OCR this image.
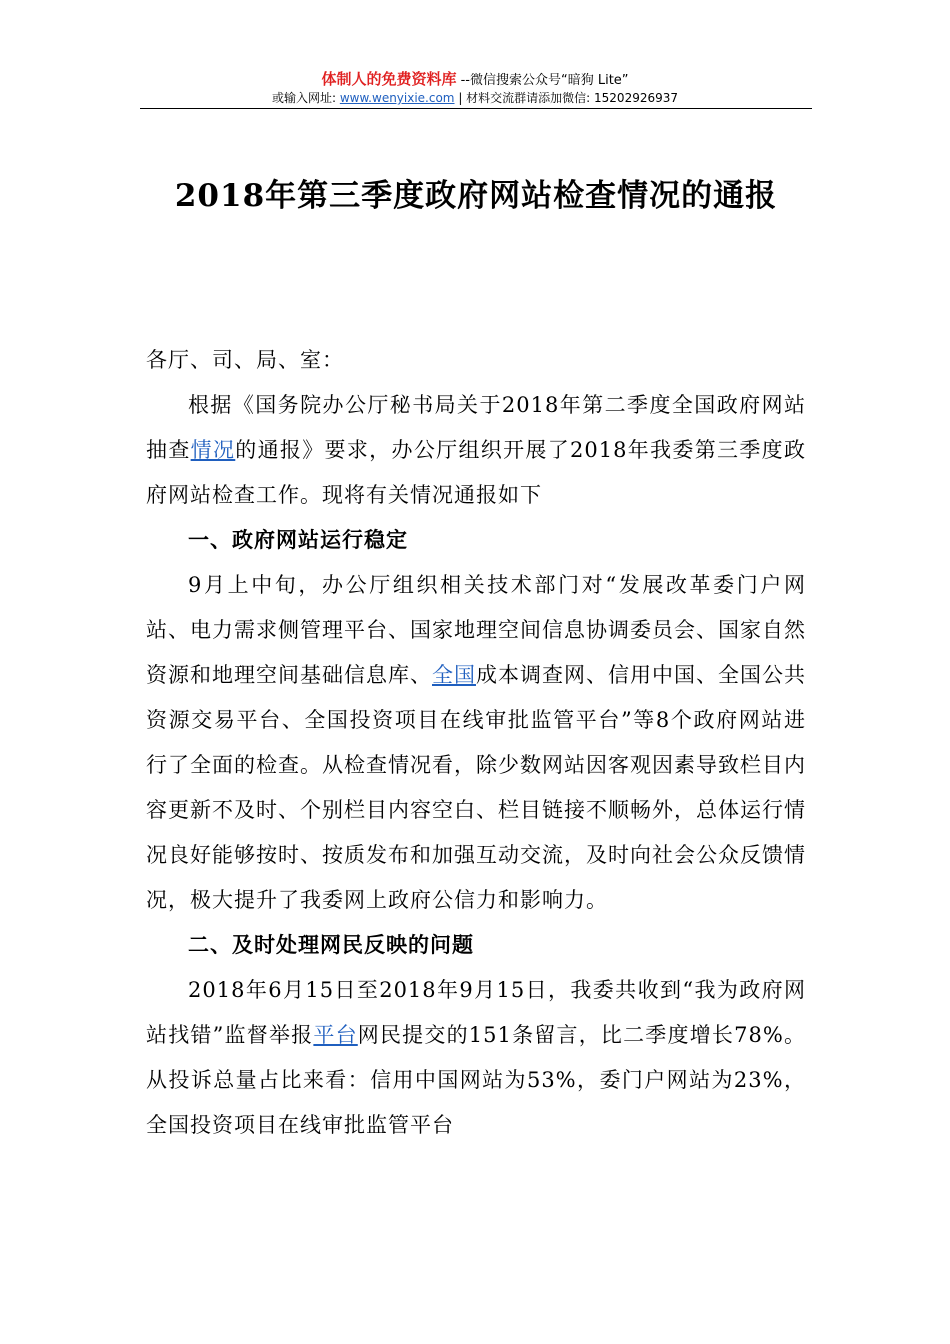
体制人的免费资料库 --微信搜索公众号“暗狗 Lite”
或输入网址: www.wenyixie.com | 材料交流群请添加微信: 15202926937
2018年第三季度政府网站检查情况的通报

各厅、司、局、室：

根据《国务院办公厅秘书局关于2018年第二季度全国政府网站抽查情况的通报》要求，办公厅组织开展了2018年我委第三季度政府网站检查工作。现将有关情况通报如下

一、政府网站运行稳定

9月上中旬，办公厅组织相关技术部门对“发展改革委门户网站、电力需求侧管理平台、国家地理空间信息协调委员会、国家自然资源和地理空间基础信息库、全国成本调查网、信用中国、全国公共资源交易平台、全国投资项目在线审批监管平台”等8个政府网站进行了全面的检查。从检查情况看，除少数网站因客观因素导致栏目内容更新不及时、个别栏目内容空白、栏目链接不顺畅外，总体运行情况良好能够按时、按质发布和加强互动交流，及时向社会公众反馈情况，极大提升了我委网上政府公信力和影响力。

二、及时处理网民反映的问题

2018年6月15日至2018年9月15日，我委共收到“我为政府网站找错”监督举报平台网民提交的151条留言，比二季度增长78%。从投诉总量占比来看：信用中国网站为53%，委门户网站为23%，全国投资项目在线审批监管平台
